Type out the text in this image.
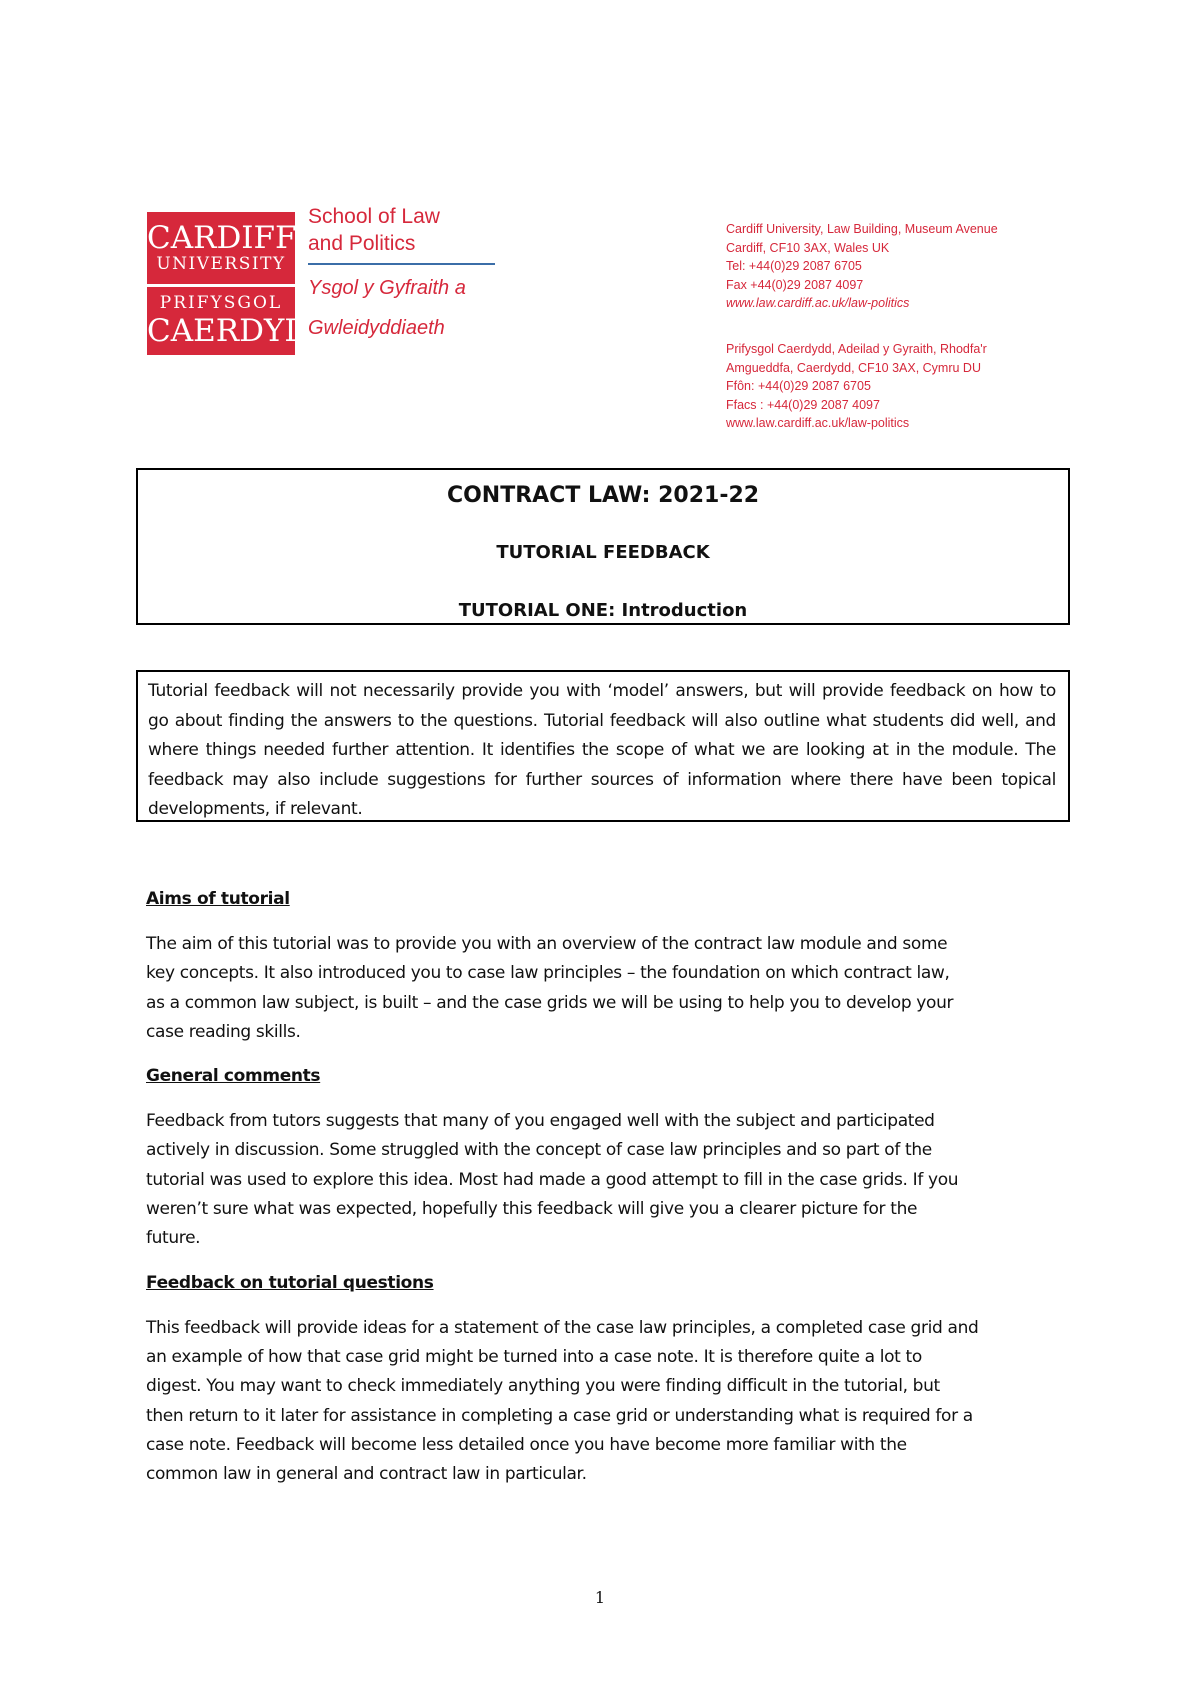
CARDIFF
UNIVERSITY
PRIFYSGOL
CAERDYDD
School of Law
and Politics
Ysgol y Gyfraith a
Gwleidyddiaeth
Cardiff University, Law Building, Museum Avenue
Cardiff, CF10 3AX, Wales UK
Tel: +44(0)29 2087 6705
Fax +44(0)29 2087 4097
www.law.cardiff.ac.uk/law-politics
Prifysgol Caerdydd, Adeilad y Gyraith, Rhodfa'r
Amgueddfa, Caerdydd, CF10 3AX, Cymru DU
Ffôn: +44(0)29 2087 6705
Ffacs : +44(0)29 2087 4097
www.law.cardiff.ac.uk/law-politics
CONTRACT LAW: 2021-22
TUTORIAL FEEDBACK
TUTORIAL ONE: Introduction

Tutorial feedback will not necessarily provide you with ‘model’ answers, but will provide feedback on how to go about finding the answers to the questions. Tutorial feedback will also outline what students did well, and where things needed further attention. It identifies the scope of what we are looking at in the module. The feedback may also include suggestions for further sources of information where there have been topical developments, if relevant.

Aims of tutorial

The aim of this tutorial was to provide you with an overview of the contract law module and some

key concepts. It also introduced you to case law principles – the foundation on which contract law,

as a common law subject, is built – and the case grids we will be using to help you to develop your

case reading skills.

General comments

Feedback from tutors suggests that many of you engaged well with the subject and participated

actively in discussion. Some struggled with the concept of case law principles and so part of the

tutorial was used to explore this idea. Most had made a good attempt to fill in the case grids. If you

weren’t sure what was expected, hopefully this feedback will give you a clearer picture for the

future.

Feedback on tutorial questions

This feedback will provide ideas for a statement of the case law principles, a completed case grid and

an example of how that case grid might be turned into a case note. It is therefore quite a lot to

digest. You may want to check immediately anything you were finding difficult in the tutorial, but

then return to it later for assistance in completing a case grid or understanding what is required for a

case note. Feedback will become less detailed once you have become more familiar with the

common law in general and contract law in particular.

1
